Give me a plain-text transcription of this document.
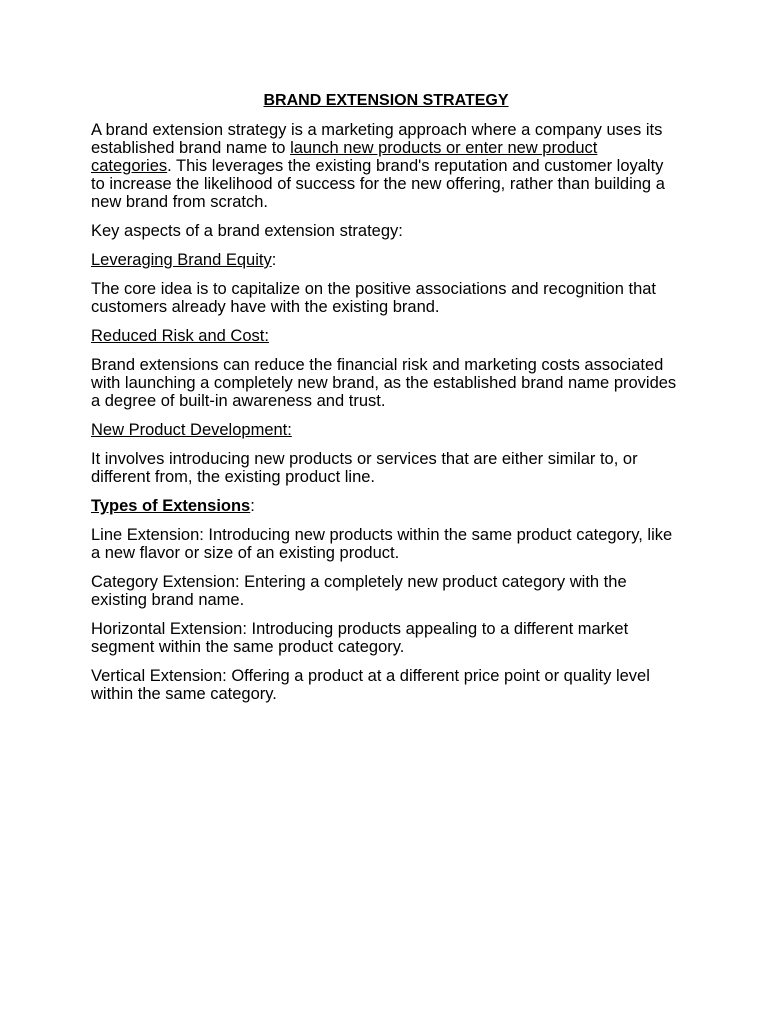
BRAND EXTENSION STRATEGY

A brand extension strategy is a marketing approach where a company uses its established brand name to launch new products or enter new product categories. This leverages the existing brand's reputation and customer loyalty to increase the likelihood of success for the new offering, rather than building a new brand from scratch.

Key aspects of a brand extension strategy:

Leveraging Brand Equity:

The core idea is to capitalize on the positive associations and recognition that customers already have with the existing brand.

Reduced Risk and Cost:

Brand extensions can reduce the financial risk and marketing costs associated with launching a completely new brand, as the established brand name provides a degree of built-in awareness and trust.

New Product Development:

It involves introducing new products or services that are either similar to, or different from, the existing product line.

Types of Extensions:

Line Extension: Introducing new products within the same product category, like a new flavor or size of an existing product.

Category Extension: Entering a completely new product category with the existing brand name.

Horizontal Extension: Introducing products appealing to a different market segment within the same product category.

Vertical Extension: Offering a product at a different price point or quality level within the same category.
